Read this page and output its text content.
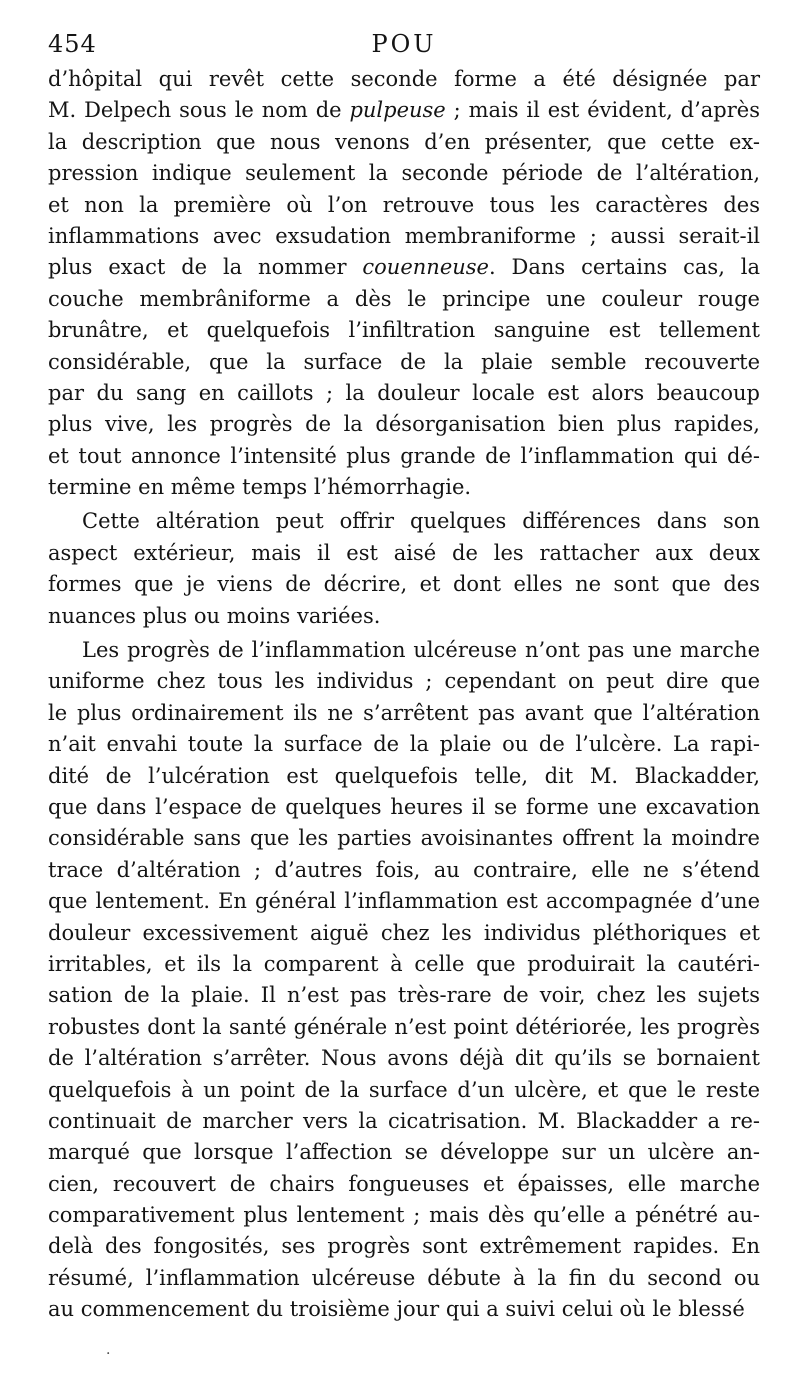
454	POU
d’hôpital qui revêt cette seconde forme a été désignée par
M. Delpech sous le nom de pulpeuse ; mais il est évident, d’après
la description que nous venons d’en présenter, que cette ex-
pression indique seulement la seconde période de l’altération,
et non la première où l’on retrouve tous les caractères des
inflammations avec exsudation membraniforme ; aussi serait-il
plus exact de la nommer couenneuse. Dans certains cas, la
couche membrâniforme a dès le principe une couleur rouge
brunâtre, et quelquefois l’infiltration sanguine est tellement
considérable, que la surface de la plaie semble recouverte
par du sang en caillots ; la douleur locale est alors beaucoup
plus vive, les progrès de la désorganisation bien plus rapides,
et tout annonce l’intensité plus grande de l’inflammation qui dé-
termine en même temps l’hémorrhagie.
Cette altération peut offrir quelques différences dans son
aspect extérieur, mais il est aisé de les rattacher aux deux
formes que je viens de décrire, et dont elles ne sont que des
nuances plus ou moins variées.
Les progrès de l’inflammation ulcéreuse n’ont pas une marche
uniforme chez tous les individus ; cependant on peut dire que
le plus ordinairement ils ne s’arrêtent pas avant que l’altération
n’ait envahi toute la surface de la plaie ou de l’ulcère. La rapi-
dité de l’ulcération est quelquefois telle, dit M. Blackadder,
que dans l’espace de quelques heures il se forme une excavation
considérable sans que les parties avoisinantes offrent la moindre
trace d’altération ; d’autres fois, au contraire, elle ne s’étend
que lentement. En général l’inflammation est accompagnée d’une
douleur excessivement aiguë chez les individus pléthoriques et
irritables, et ils la comparent à celle que produirait la cautéri-
sation de la plaie. Il n’est pas très-rare de voir, chez les sujets
robustes dont la santé générale n’est point détériorée, les progrès
de l’altération s’arrêter. Nous avons déjà dit qu’ils se bornaient
quelquefois à un point de la surface d’un ulcère, et que le reste
continuait de marcher vers la cicatrisation. M. Blackadder a re-
marqué que lorsque l’affection se développe sur un ulcère an-
cien, recouvert de chairs fongueuses et épaisses, elle marche
comparativement plus lentement ; mais dès qu’elle a pénétré au-
delà des fongosités, ses progrès sont extrêmement rapides. En
résumé, l’inflammation ulcéreuse débute à la fin du second ou
au commencement du troisième jour qui a suivi celui où le blessé
·
